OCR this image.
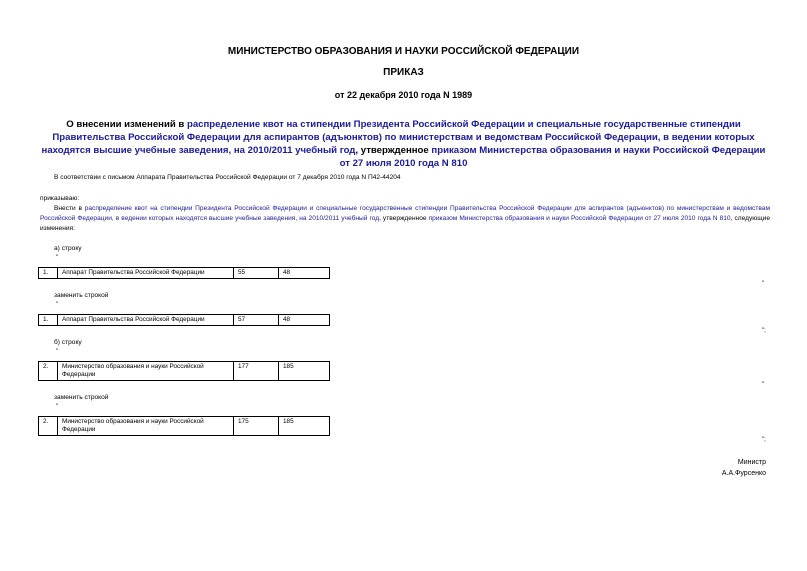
МИНИСТЕРСТВО ОБРАЗОВАНИЯ И НАУКИ РОССИЙСКОЙ ФЕДЕРАЦИИ
ПРИКАЗ
от 22 декабря 2010 года N 1989
О внесении изменений в распределение квот на стипендии Президента Российской Федерации и специальные государственные стипендии Правительства Российской Федерации для аспирантов (адъюнктов) по министерствам и ведомствам Российской Федерации, в ведении которых находятся высшие учебные заведения, на 2010/2011 учебный год, утвержденное приказом Министерства образования и науки Российской Федерации от 27 июля 2010 года N 810
В соответствии с письмом Аппарата Правительства Российской Федерации от 7 декабря 2010 года N П42-44204
приказываю:
Внести в распределение квот на стипендии Президента Российской Федерации и специальные государственные стипендии Правительства Российской Федерации для аспирантов (адъюнктов) по министерствам и ведомствам Российской Федерации, в ведении которых находятся высшие учебные заведения, на 2010/2011 учебный год, утвержденное приказом Министерства образования и науки Российской Федерации от 27 июля 2010 года N 810, следующие изменения:
а) строку
"
1.	Аппарат Правительства Российской Федерации	55	48
"
заменить строкой
"
1.	Аппарат Правительства Российской Федерации	57	48
";
б) строку
"
2.	Министерство образования и науки Российской Федерации	177	185
"
заменить строкой
"
2.	Министерство образования и науки Российской Федерации	175	185
";
Министр
А.А.Фурсенко
